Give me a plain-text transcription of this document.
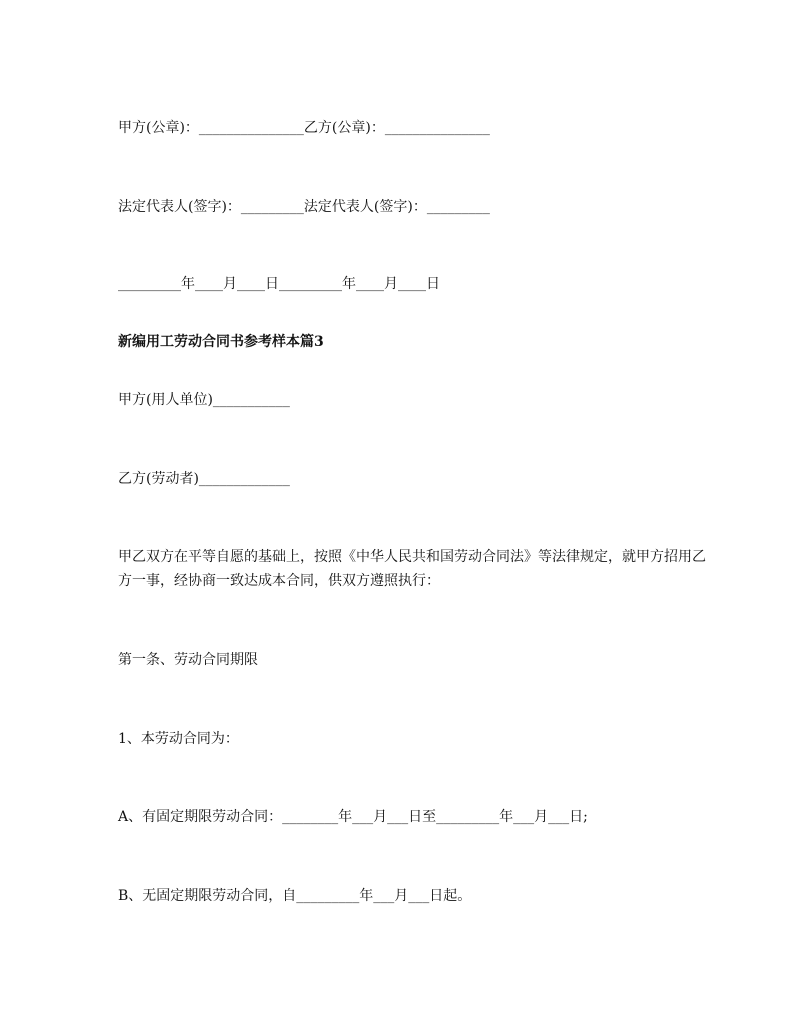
甲方(公章)：_______________乙方(公章)：_______________
法定代表人(签字)：_________法定代表人(签字)：_________
_________年____月____日_________年____月____日
新编用工劳动合同书参考样本篇3
甲方(用人单位)___________
乙方(劳动者)_____________
甲乙双方在平等自愿的基础上，按照《中华人民共和国劳动合同法》等法律规定，就甲方招用乙方一事，经协商一致达成本合同，供双方遵照执行：
第一条、劳动合同期限
1、本劳动合同为：
A、有固定期限劳动合同：________年___月___日至_________年___月___日;
B、无固定期限劳动合同，自_________年___月___日起。
